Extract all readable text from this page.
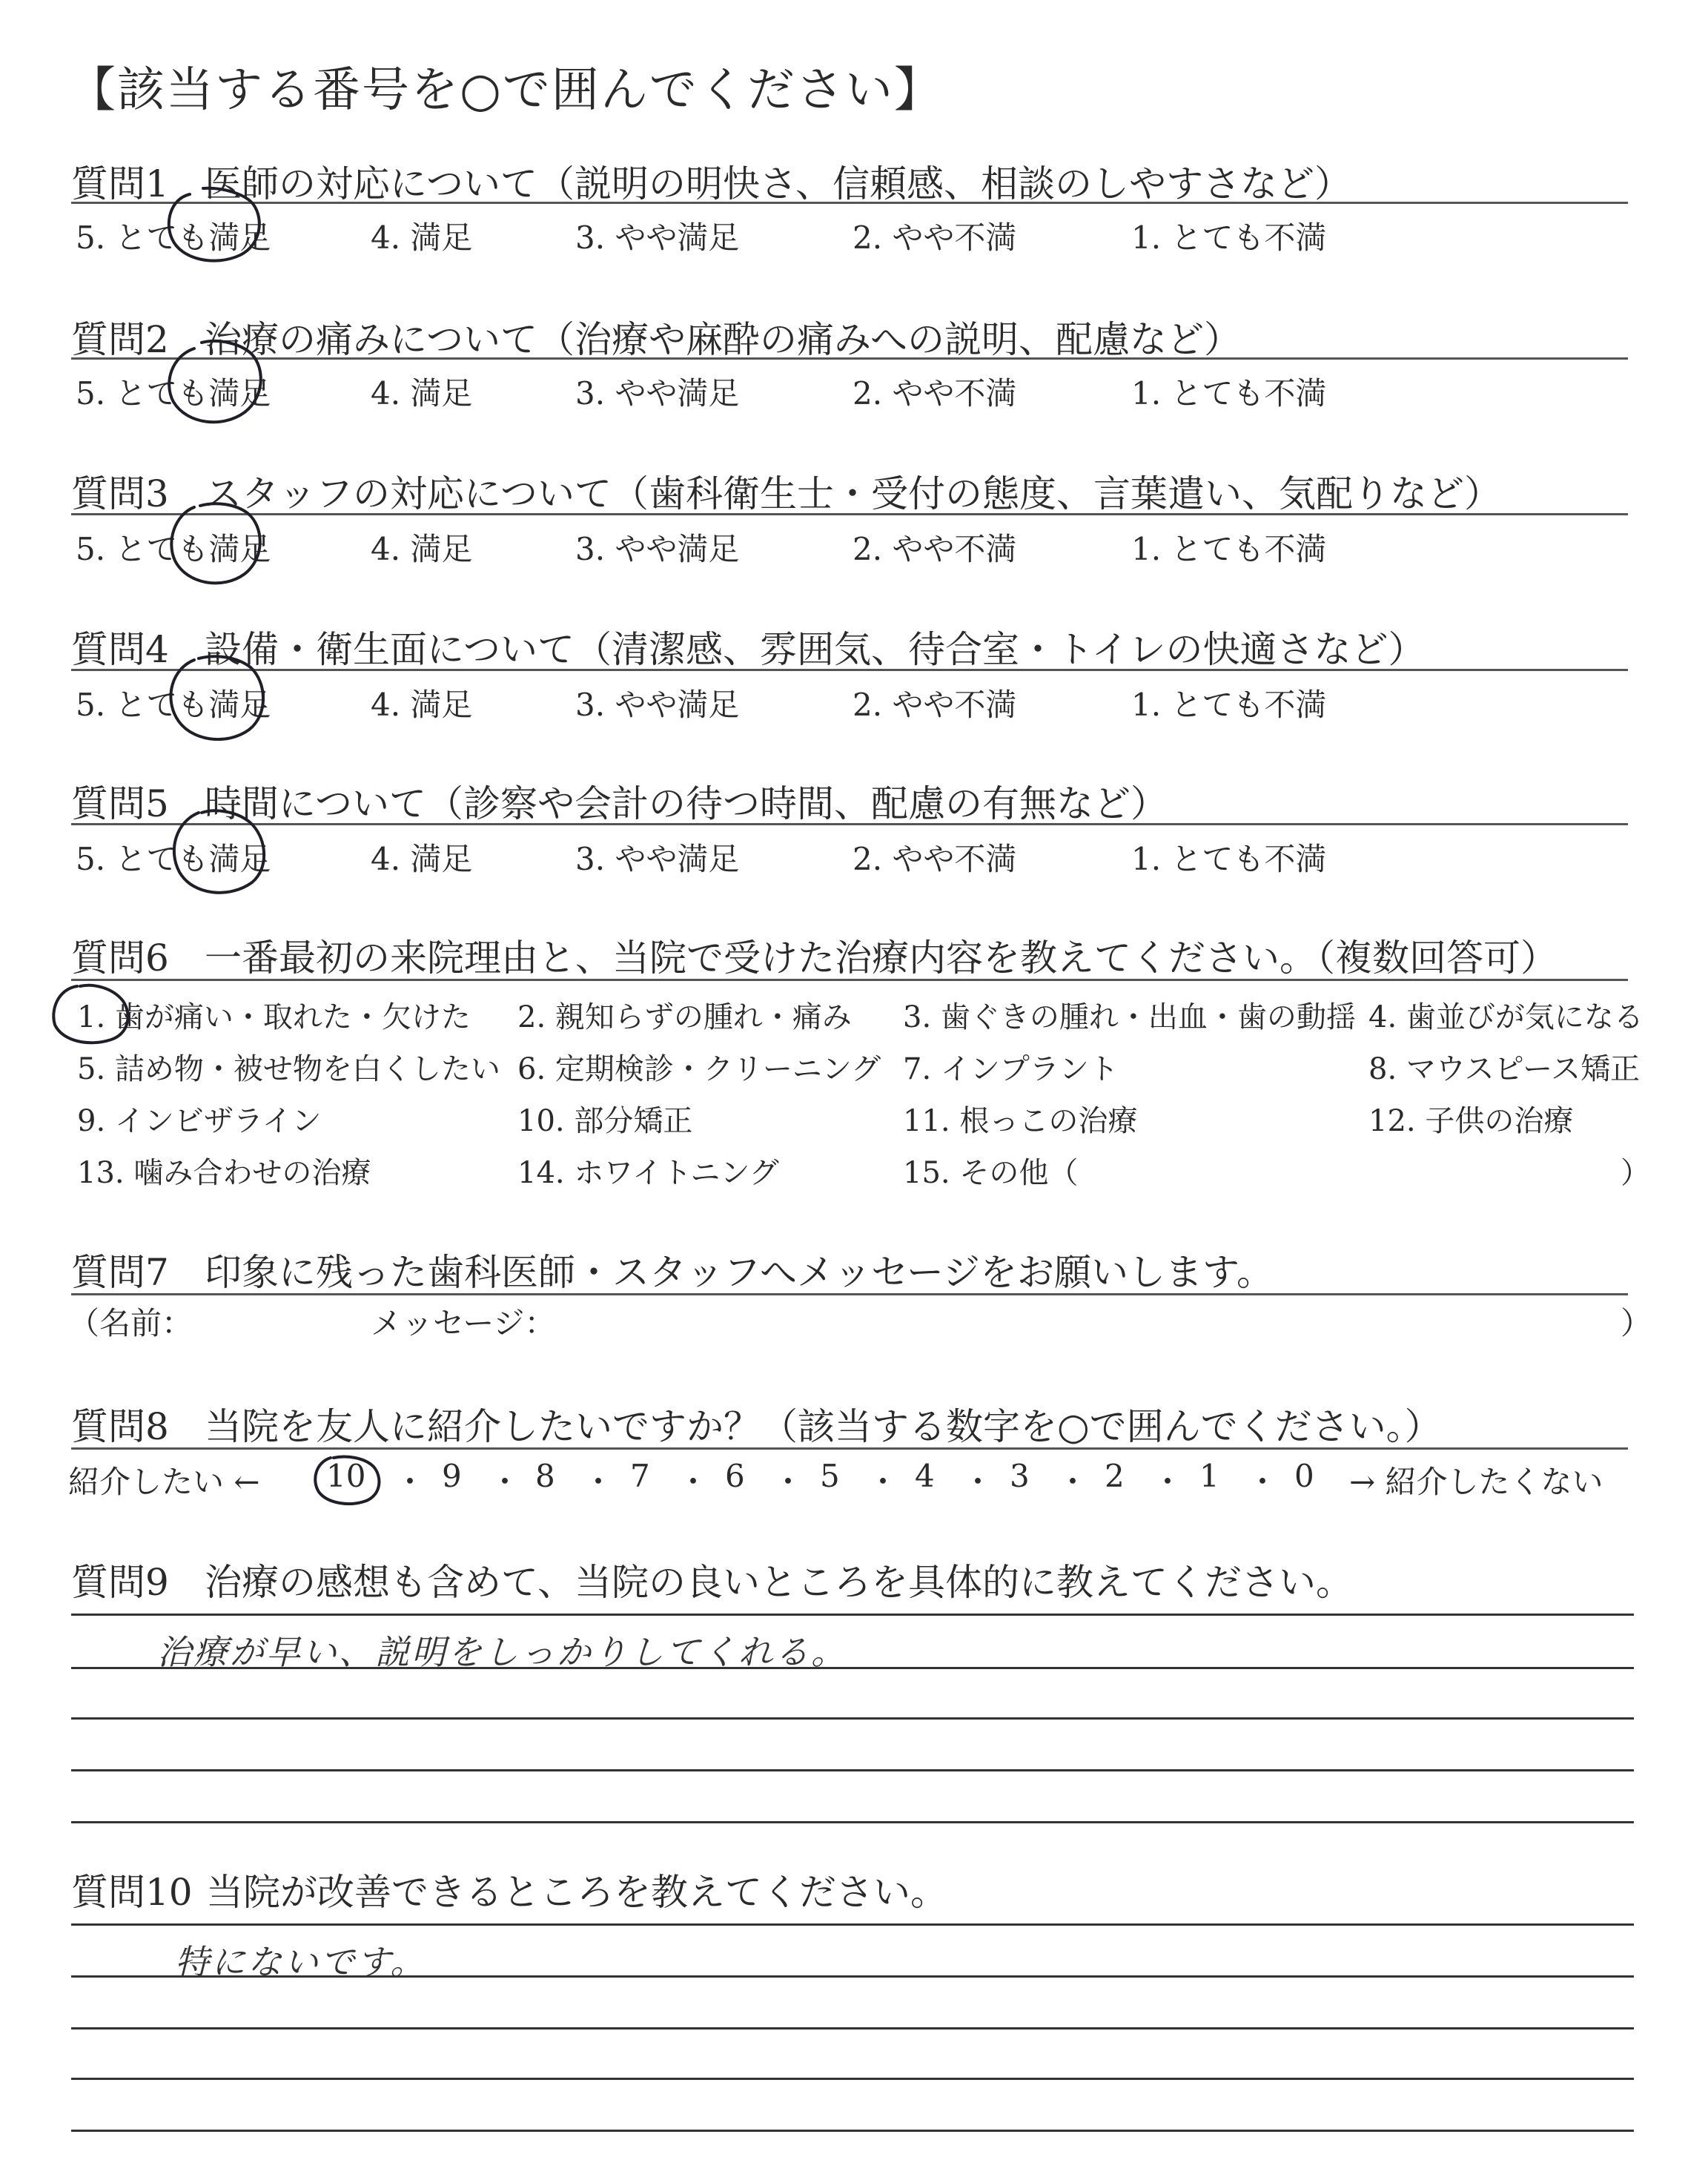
【該当する番号を○で囲んでください】
質問1 医師の対応について（説明の明快さ、信頼感、相談のしやすさなど）
5. とても満足	4. 満足	3. やや満足	2. やや不満	1. とても不満
質問2 治療の痛みについて（治療や麻酔の痛みへの説明、配慮など）
5. とても満足	4. 満足	3. やや満足	2. やや不満	1. とても不満
質問3 スタッフの対応について（歯科衛生士・受付の態度、言葉遣い、気配りなど）
5. とても満足	4. 満足	3. やや満足	2. やや不満	1. とても不満
質問4 設備・衛生面について（清潔感、雰囲気、待合室・トイレの快適さなど）
5. とても満足	4. 満足	3. やや満足	2. やや不満	1. とても不満
質問5 時間について（診察や会計の待つ時間、配慮の有無など）
5. とても満足	4. 満足	3. やや満足	2. やや不満	1. とても不満
質問6 一番最初の来院理由と、当院で受けた治療内容を教えてください。（複数回答可）
1. 歯が痛い・取れた・欠けた 2. 親知らずの腫れ・痛み 3. 歯ぐきの腫れ・出血・歯の動揺 4. 歯並びが気になる
5. 詰め物・被せ物を白くしたい 6. 定期検診・クリーニング 7. インプラント	8. マウスピース矯正
9. インビザライン	10. 部分矯正	11. 根っこの治療	12. 子供の治療
13. 噛み合わせの治療	14. ホワイトニング	15. その他（	）
質問7 印象に残った歯科医師・スタッフへメッセージをお願いします。
（名前：	メッセージ：	）
質問8 当院を友人に紹介したいですか？（該当する数字を○で囲んでください。）
紹介したい ←	→ 紹介したくない
10 ・ 9 ・ 8 ・ 7 ・ 6 ・ 5 ・ 4 ・ 3 ・ 2 ・ 1 ・ 0
質問9 治療の感想も含めて、当院の良いところを具体的に教えてください。
治療が早い、説明をしっかりしてくれる。
質問10 当院が改善できるところを教えてください。
特にないです。
